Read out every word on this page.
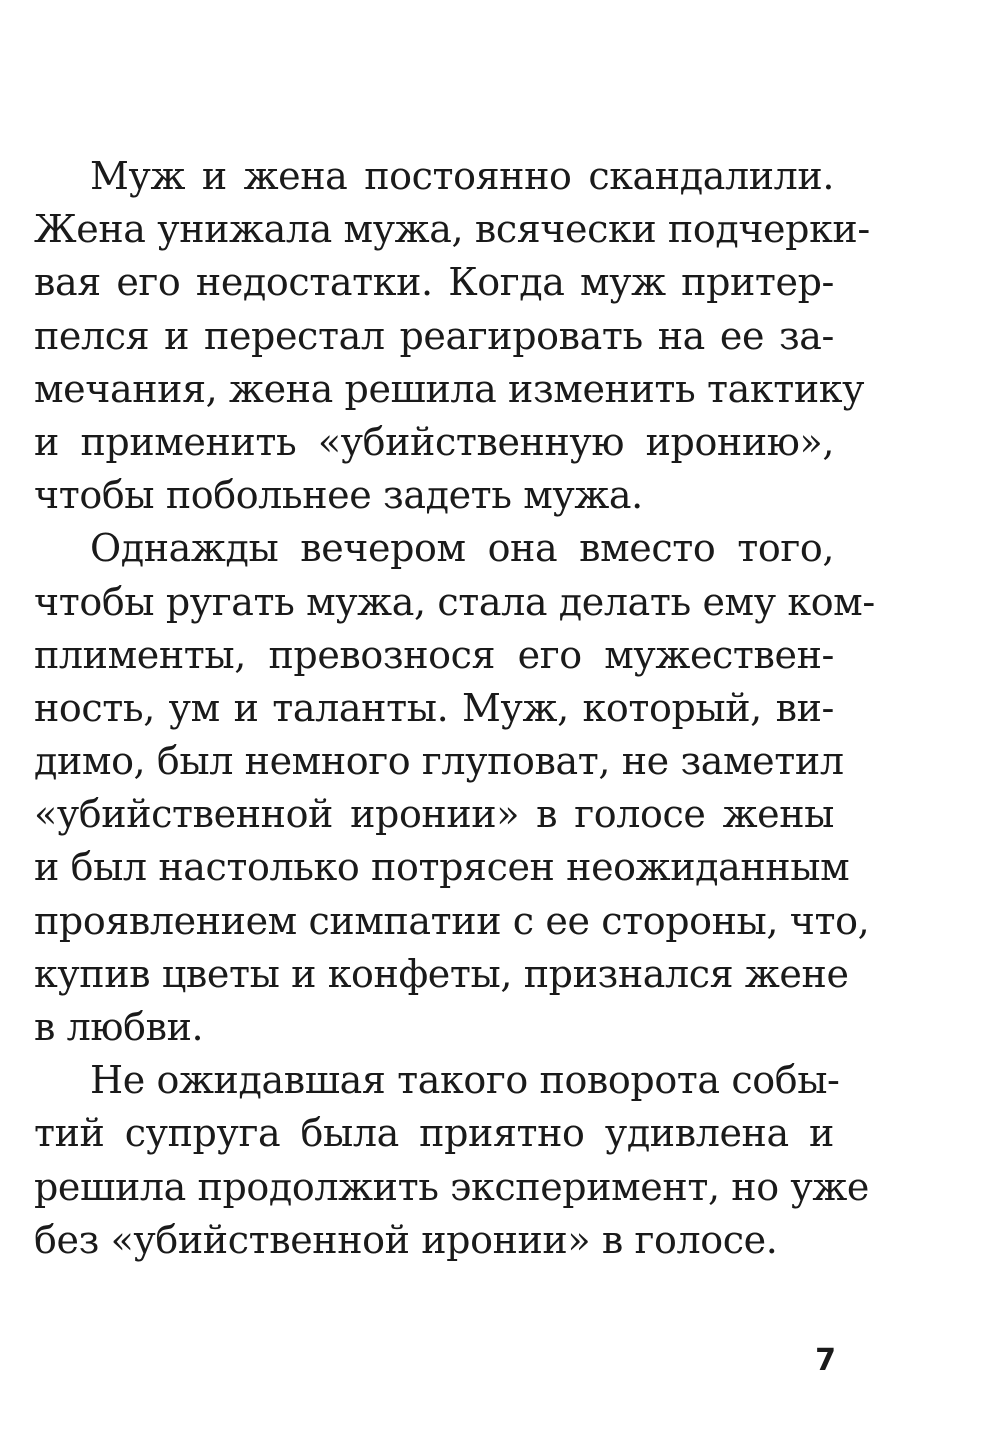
Муж и жена постоянно скандалили.
Жена унижала мужа, всячески подчерки-
вая его недостатки. Когда муж притер-
пелся и перестал реагировать на ее за-
мечания, жена решила изменить тактику
и применить «убийственную иронию»,
чтобы побольнее задеть мужа.
Однажды вечером она вместо того,
чтобы ругать мужа, стала делать ему ком-
плименты, превознося его мужествен-
ность, ум и таланты. Муж, который, ви-
димо, был немного глуповат, не заметил
«убийственной иронии» в голосе жены
и был настолько потрясен неожиданным
проявлением симпатии с ее стороны, что,
купив цветы и конфеты, признался жене
в любви.
Не ожидавшая такого поворота собы-
тий супруга была приятно удивлена и
решила продолжить эксперимент, но уже
без «убийственной иронии» в голосе.
7
